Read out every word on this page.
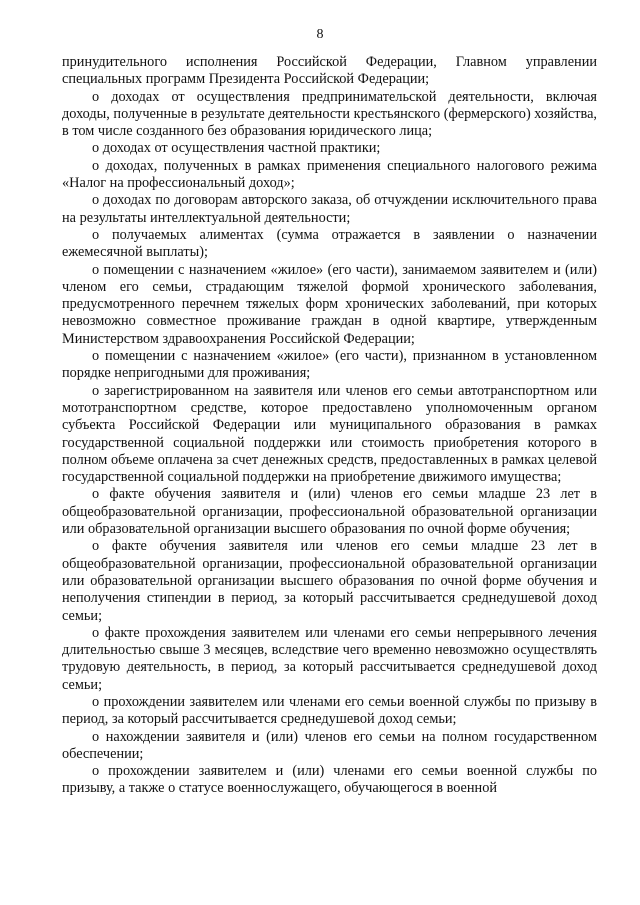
8

принудительного исполнения Российской Федерации, Главном управлении специальных программ Президента Российской Федерации;

о доходах от осуществления предпринимательской деятельности, включая доходы, полученные в результате деятельности крестьянского (фермерского) хозяйства, в том числе созданного без образования юридического лица;

о доходах от осуществления частной практики;

о доходах, полученных в рамках применения специального налогового режима «Налог на профессиональный доход»;

о доходах по договорам авторского заказа, об отчуждении исключительного права на результаты интеллектуальной деятельности;

о получаемых алиментах (сумма отражается в заявлении о назначении ежемесячной выплаты);

о помещении с назначением «жилое» (его части), занимаемом заявителем и (или) членом его семьи, страдающим тяжелой формой хронического заболевания, предусмотренного перечнем тяжелых форм хронических заболеваний, при которых невозможно совместное проживание граждан в одной квартире, утвержденным Министерством здравоохранения Российской Федерации;

о помещении с назначением «жилое» (его части), признанном в установленном порядке непригодными для проживания;

о зарегистрированном на заявителя или членов его семьи автотранспортном или мототранспортном средстве, которое предоставлено уполномоченным органом субъекта Российской Федерации или муниципального образования в рамках государственной социальной поддержки или стоимость приобретения которого в полном объеме оплачена за счет денежных средств, предоставленных в рамках целевой государственной социальной поддержки на приобретение движимого имущества;

о факте обучения заявителя и (или) членов его семьи младше 23 лет в общеобразовательной организации, профессиональной образовательной организации или образовательной организации высшего образования по очной форме обучения;

о факте обучения заявителя или членов его семьи младше 23 лет в общеобразовательной организации, профессиональной образовательной организации или образовательной организации высшего образования по очной форме обучения и неполучения стипендии в период, за который рассчитывается среднедушевой доход семьи;

о факте прохождения заявителем или членами его семьи непрерывного лечения длительностью свыше 3 месяцев, вследствие чего временно невозможно осуществлять трудовую деятельность, в период, за который рассчитывается среднедушевой доход семьи;

о прохождении заявителем или членами его семьи военной службы по призыву в период, за который рассчитывается среднедушевой доход семьи;

о нахождении заявителя и (или) членов его семьи на полном государственном обеспечении;

о прохождении заявителем и (или) членами его семьи военной службы по призыву, а также о статусе военнослужащего, обучающегося в военной
